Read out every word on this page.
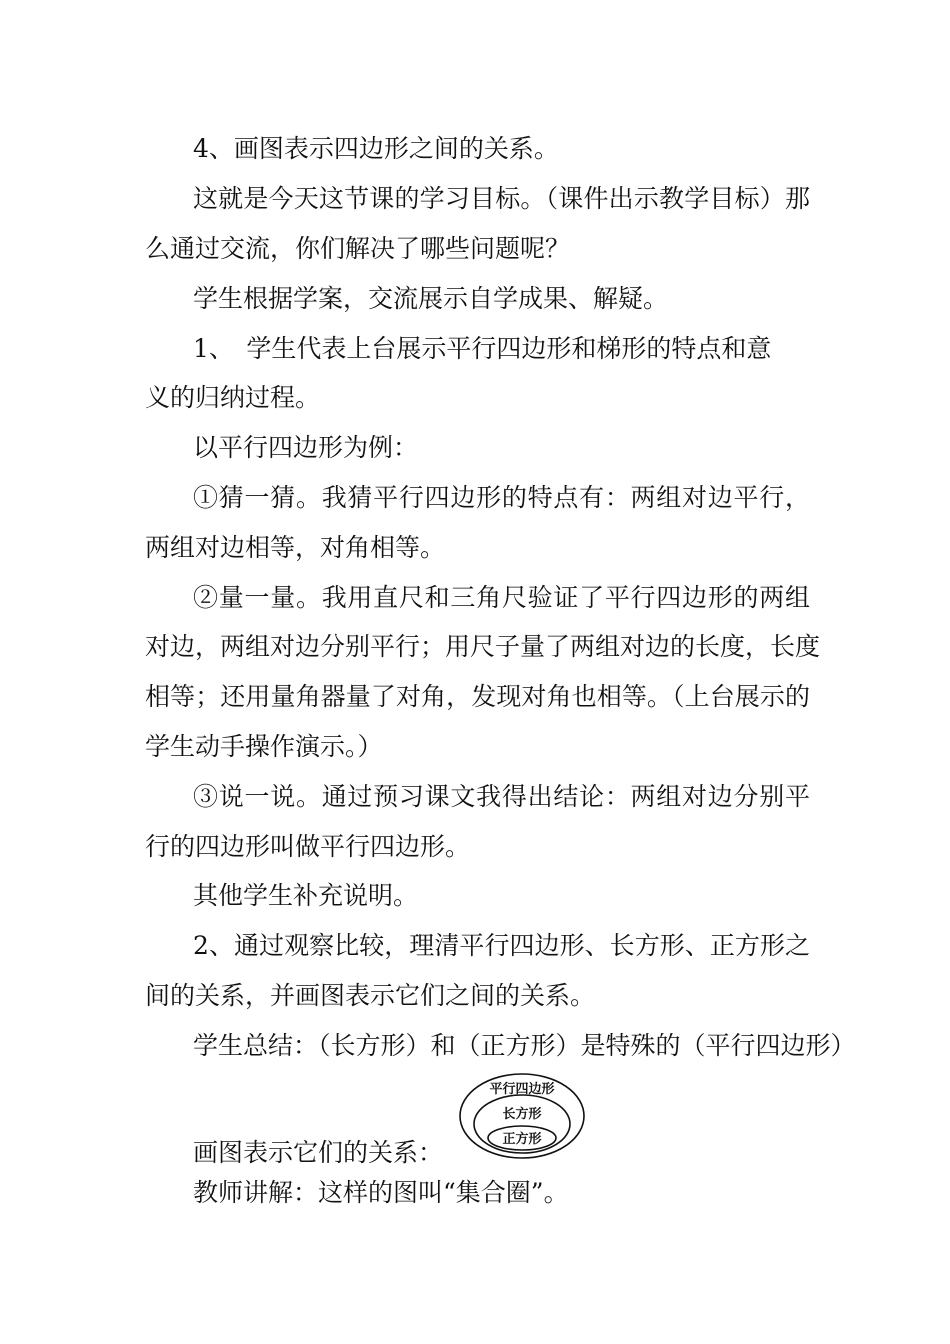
4、画图表示四边形之间的关系。
这就是今天这节课的学习目标。（课件出示教学目标）那
么通过交流，你们解决了哪些问题呢？
学生根据学案，交流展示自学成果、解疑。
1、　学生代表上台展示平行四边形和梯形的特点和意
义的归纳过程。
以平行四边形为例：
①猜一猜。我猜平行四边形的特点有：两组对边平行，
两组对边相等，对角相等。
②量一量。我用直尺和三角尺验证了平行四边形的两组
对边，两组对边分别平行；用尺子量了两组对边的长度，长度
相等；还用量角器量了对角，发现对角也相等。（上台展示的
学生动手操作演示。）
③说一说。通过预习课文我得出结论：两组对边分别平
行的四边形叫做平行四边形。
其他学生补充说明。
2、通过观察比较，理清平行四边形、长方形、正方形之
间的关系，并画图表示它们之间的关系。
学生总结：（长方形）和（正方形）是特殊的（平行四边形）
平行四边形
长方形
正方形
画图表示它们的关系：
教师讲解：这样的图叫“集合圈”。
